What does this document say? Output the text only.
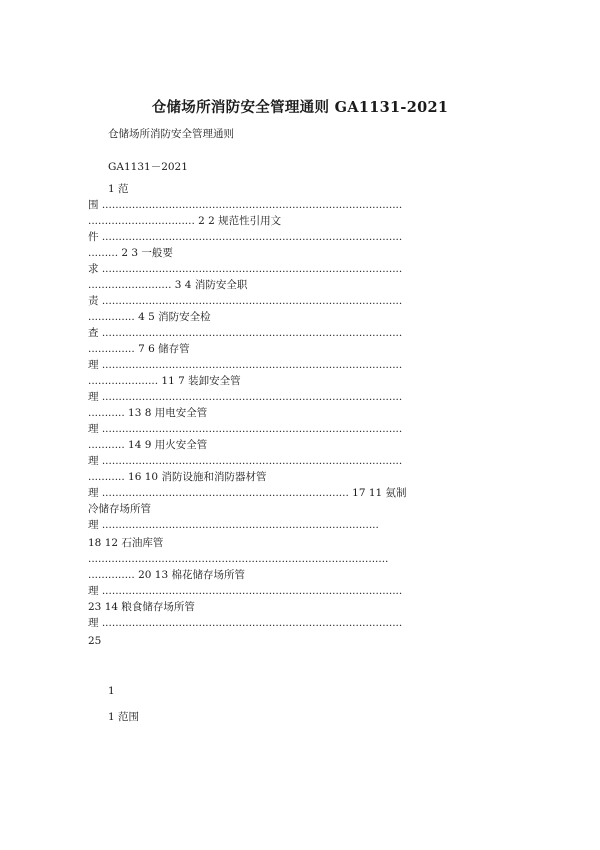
仓储场所消防安全管理通则 GA1131-2021
仓储场所消防安全管理通则
GA1131－2021
1 范
围 ..........................................................................................
................................ 2 2 规范性引用文
件 ..........................................................................................
......... 2 3 一般要
求 ..........................................................................................
......................... 3 4 消防安全职
责 ..........................................................................................
.............. 4 5 消防安全检
查 ..........................................................................................
.............. 7 6 储存管
理 ..........................................................................................
..................... 11 7 装卸安全管
理 ..........................................................................................
........... 13 8 用电安全管
理 ..........................................................................................
........... 14 9 用火安全管
理 ..........................................................................................
........... 16 10 消防设施和消防器材管
理 .......................................................................... 17 11 氨制
冷储存场所管
理 ...................................................................................
18 12 石油库管
..........................................................................................
.............. 20 13 棉花储存场所管
理 ..........................................................................................
23 14 粮食储存场所管
理 ..........................................................................................
25
1
1 范围
